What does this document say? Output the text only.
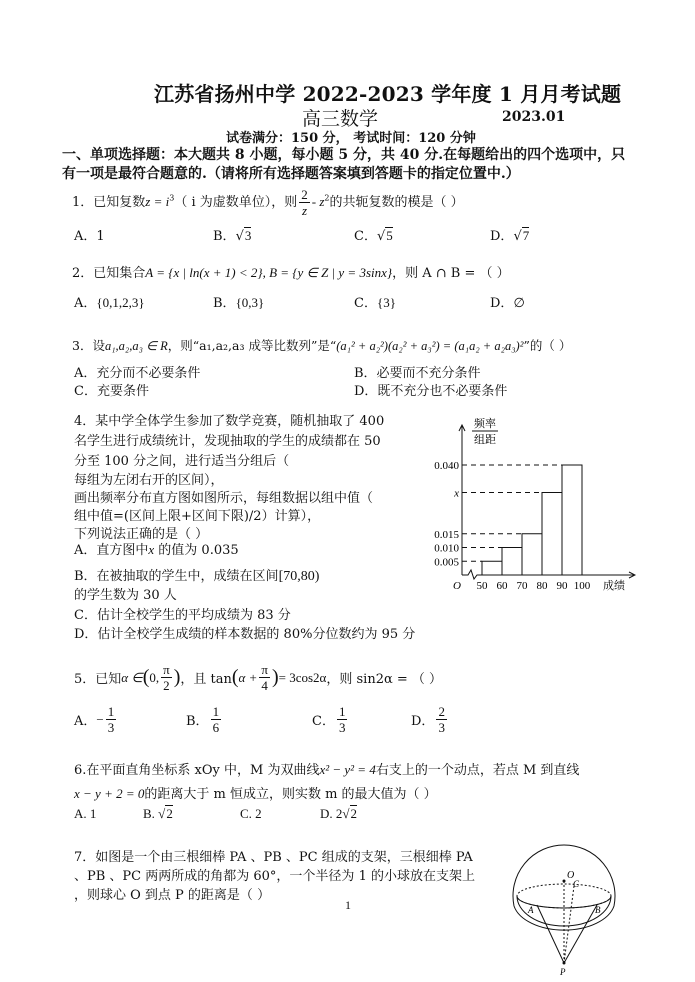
江苏省扬州中学 2022-2023 学年度 1 月月考试题
高三数学	2023.01
试卷满分：150 分， 考试时间：120 分钟
一、单项选择题：本大题共 8 小题，每小题 5 分，共 40 分.在每题给出的四个选项中，只
有一项是最符合题意的.（请将所有选择题答案填到答题卡的指定位置中.）
1．已知复数$z = i^3$（ i 为虚数单位），则 $\frac{2}{z} - z^2$的共轭复数的模是（ ）
A．1	B．√3	C．√5	D．√7
2．已知集合A = {x | ln(x + 1) < 2}, B = {y ∈ Z | y = 3sinx}，则 A ∩ B = （ ）
A．{0,1,2,3}	B．{0,3}	C．{3}	D．∅
3．设a₁,a₂,a₃ ∈ R，则“a₁,a₂,a₃ 成等比数列”是“(a₁² + a₂²)(a₂² + a₃²) = (a₁a₂ + a₂a₃)²”的（ ）
A．充分而不必要条件	B．必要而不充分条件
C．充要条件	D．既不充分也不必要条件
4．某中学全体学生参加了数学竞赛，随机抽取了 400
名学生进行成绩统计，发现抽取的学生的成绩都在 50
分至 100 分之间，进行适当分组后（
每组为左闭右开的区间），
画出频率分布直方图如图所示，每组数据以组中值（
组中值=(区间上限+区间下限)/2）计算），
下列说法正确的是（ ）
A．直方图中x 的值为 0.035
B．在被抽取的学生中，成绩在区间[70,80)
的学生数为 30 人
C．估计全校学生的平均成绩为 83 分
D．估计全校学生成绩的样本数据的 80%分位数约为 95 分
频率
组距
0.005
0.010
0.015
x
0.040
50 60 70 80 90 100
O	成绩
5．已知 α ∈ ( 0, $\frac{\pi}{2}$ ) ，且 tan ( $\alpha + \frac{\pi}{4}$ ) = 3cos2α ，则 sin2α = （ ）
A． − $\frac{1}{3}$	B． $\frac{1}{6}$	C． $\frac{1}{3}$	D． $\frac{2}{3}$
6.在平面直角坐标系 xOy 中，M 为双曲线x² − y² = 4右支上的一个动点，若点 M 到直线
x − y + 2 = 0的距离大于 m 恒成立，则实数 m 的最大值为（ ）
A. 1	B. √2	C. 2	D. 2√2
7．如图是一个由三根细棒 PA 、PB 、PC 组成的支架，三根细棒 PA
、PB 、PC 两两所成的角都为 60°，一个半径为 1 的小球放在支架上
，则球心 O 到点 P 的距离是（ ）
O
C
A	B
P
1
